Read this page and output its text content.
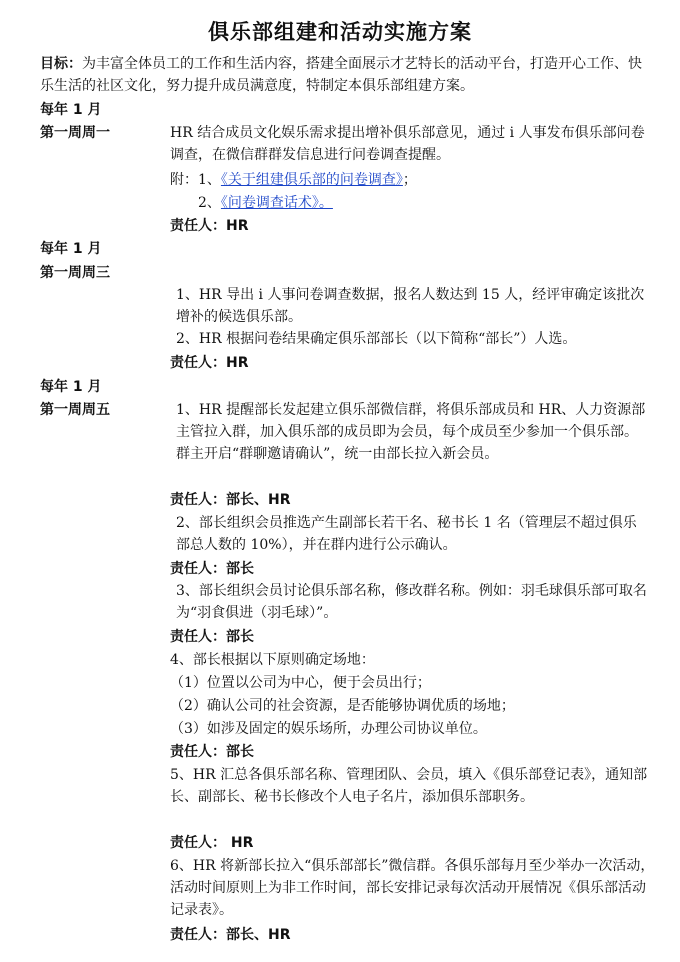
俱乐部组建和活动实施方案
目标：为丰富全体员工的工作和生活内容，搭建全面展示才艺特长的活动平台，打造开心工作、快乐生活的社区文化，努力提升成员满意度，特制定本俱乐部组建方案。
每年 1 月
第一周周一	HR 结合成员文化娱乐需求提出增补俱乐部意见，通过 i 人事发布俱乐部问卷调查，在微信群群发信息进行问卷调查提醒。
附：1、《关于组建俱乐部的问卷调查》；
2、《问卷调查话术》。
责任人：HR
每年 1 月
第一周周三
1、HR 导出 i 人事问卷调查数据，报名人数达到 15 人，经评审确定该批次增补的候选俱乐部。
2、HR 根据问卷结果确定俱乐部部长（以下简称“部长”）人选。
责任人：HR
每年 1 月
第一周周五	1、HR 提醒部长发起建立俱乐部微信群，将俱乐部成员和 HR、人力资源部主管拉入群，加入俱乐部的成员即为会员，每个成员至少参加一个俱乐部。群主开启“群聊邀请确认”，统一由部长拉入新会员。
责任人：部长、HR
2、部长组织会员推选产生副部长若干名、秘书长 1 名（管理层不超过俱乐部总人数的 10%），并在群内进行公示确认。
责任人：部长
3、部长组织会员讨论俱乐部名称，修改群名称。例如：羽毛球俱乐部可取名为“羽食俱进（羽毛球）”。
责任人：部长
4、部长根据以下原则确定场地：
（1）位置以公司为中心，便于会员出行；
（2）确认公司的社会资源，是否能够协调优质的场地；
（3）如涉及固定的娱乐场所，办理公司协议单位。
责任人：部长
5、HR 汇总各俱乐部名称、管理团队、会员，填入《俱乐部登记表》，通知部长、副部长、秘书长修改个人电子名片，添加俱乐部职务。
责任人： HR
6、HR 将新部长拉入“俱乐部部长”微信群。各俱乐部每月至少举办一次活动，活动时间原则上为非工作时间，部长安排记录每次活动开展情况《俱乐部活动记录表》。
责任人：部长、HR
